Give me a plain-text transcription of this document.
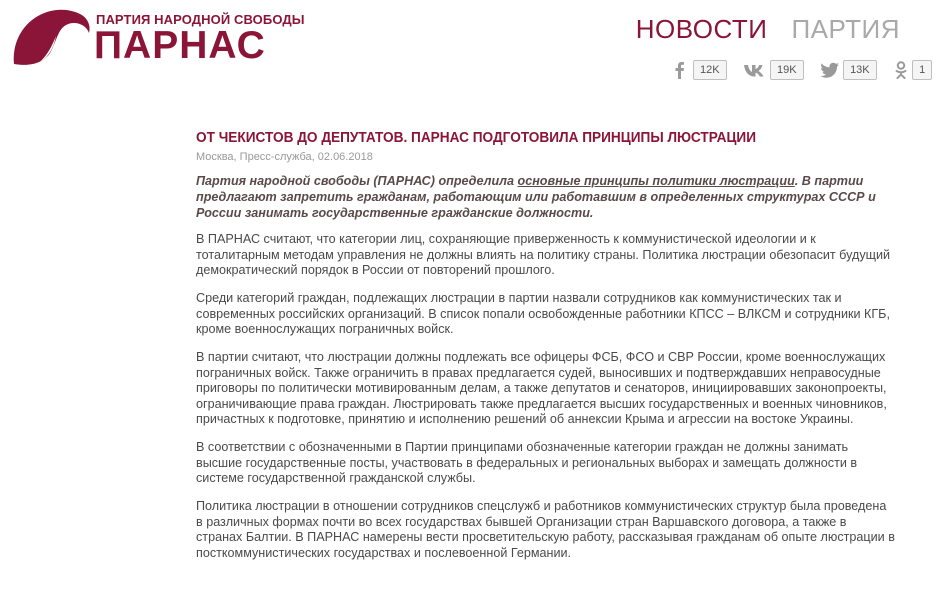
ПАРТИЯ НАРОДНОЙ СВОБОДЫ
ПАРНАС	НОВОСТИ ПАРТИЯ
12K
	19K
	13K
	1
ОТ ЧЕКИСТОВ ДО ДЕПУТАТОВ. ПАРНАС ПОДГОТОВИЛА ПРИНЦИПЫ ЛЮСТРАЦИИ
Москва, Пресс-служба, 02.06.2018
Партия народной свободы (ПАРНАС) определила основные принципы политики люстрации. В партии предлагают запретить гражданам, работающим или работавшим в определенных структурах СССР и России занимать государственные гражданские должности.

В ПАРНАС считают, что категории лиц, сохраняющие приверженность к коммунистической идеологии и к тоталитарным методам управления не должны влиять на политику страны. Политика люстрации обезопасит будущий демократический порядок в России от повторений прошлого.

Среди категорий граждан, подлежащих люстрации в партии назвали сотрудников как коммунистических так и современных российских организаций. В список попали освобожденные работники КПСС – ВЛКСМ и сотрудники КГБ, кроме военнослужащих пограничных войск.

В партии считают, что люстрации должны подлежать все офицеры ФСБ, ФСО и СВР России, кроме военнослужащих пограничных войск. Также ограничить в правах предлагается судей, выносивших и подтверждавших неправосудные приговоры по политически мотивированным делам, а также депутатов и сенаторов, инициировавших законопроекты, ограничивающие права граждан. Люстрировать также предлагается высших государственных и военных чиновников, причастных к подготовке, принятию и исполнению решений об аннексии Крыма и агрессии на востоке Украины.

В соответствии с обозначенными в Партии принципами обозначенные категории граждан не должны занимать высшие государственные посты, участвовать в федеральных и региональных выборах и замещать должности в системе государственной гражданской службы.

Политика люстрации в отношении сотрудников спецслужб и работников коммунистических структур была проведена в различных формах почти во всех государствах бывшей Организации стран Варшавского договора, а также в странах Балтии. В ПАРНАС намерены вести просветительскую работу, рассказывая гражданам об опыте люстрации в посткоммунистических государствах и послевоенной Германии.
